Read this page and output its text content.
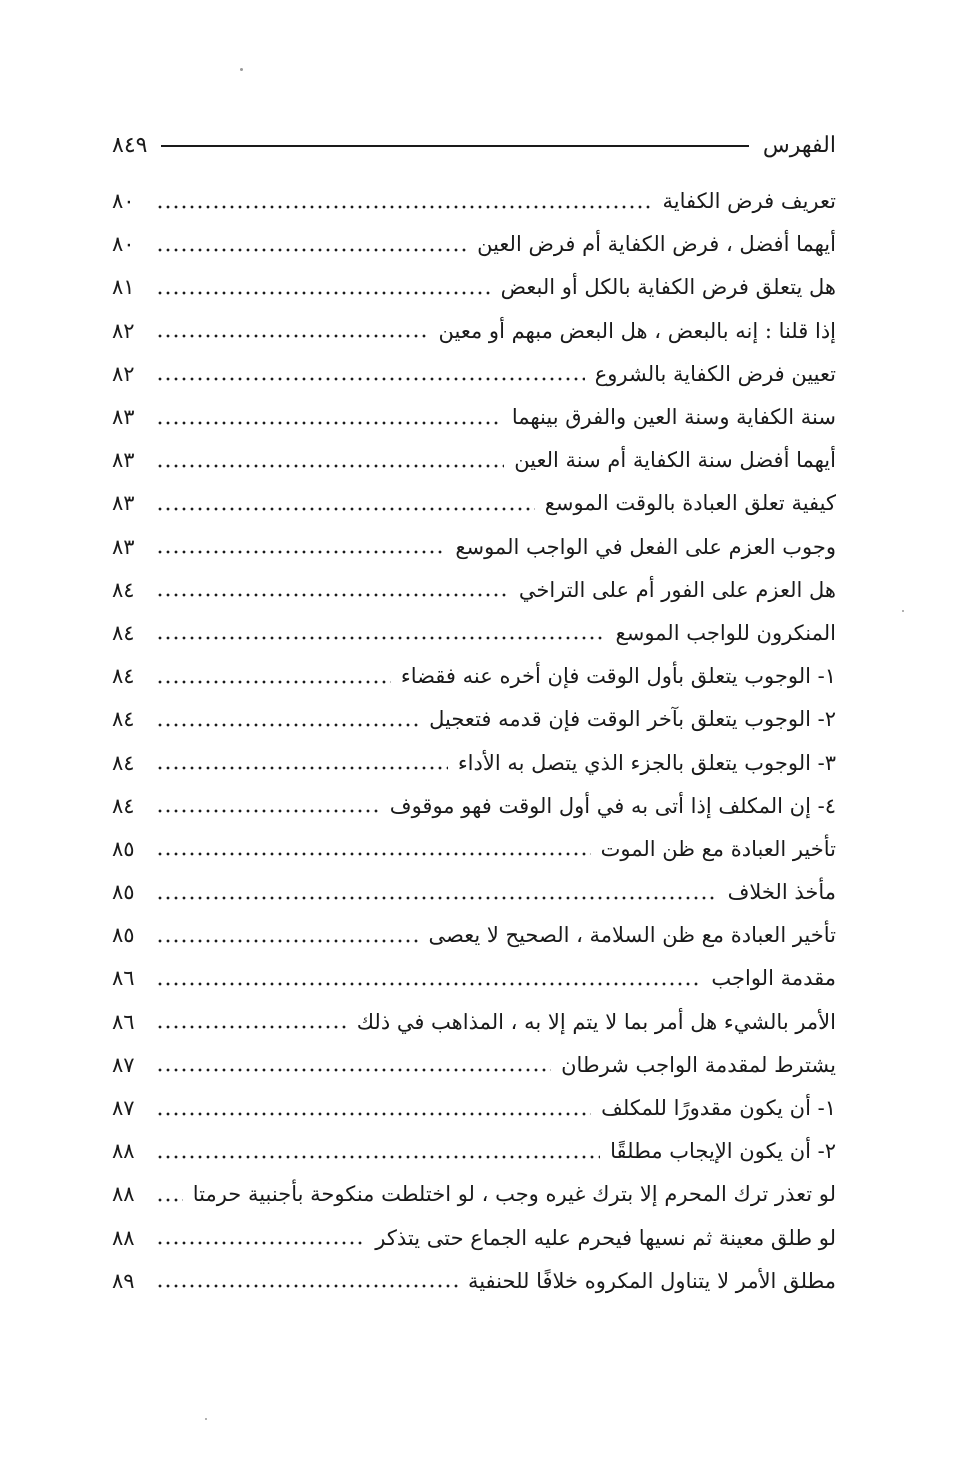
الفهرس
٨٤٩
تعريف فرض الكفاية
٨٠
أيهما أفضل ، فرض الكفاية أم فرض العين
٨٠
هل يتعلق فرض الكفاية بالكل أو البعض
٨١
إذا قلنا : إنه بالبعض ، هل البعض مبهم أو معين
٨٢
تعيين فرض الكفاية بالشروع
٨٢
سنة الكفاية وسنة العين والفرق بينهما
٨٣
أيهما أفضل سنة الكفاية أم سنة العين
٨٣
كيفية تعلق العبادة بالوقت الموسع
٨٣
وجوب العزم على الفعل في الواجب الموسع
٨٣
هل العزم على الفور أم على التراخي
٨٤
المنكرون للواجب الموسع
٨٤
١- الوجوب يتعلق بأول الوقت فإن أخره عنه فقضاء
٨٤
٢- الوجوب يتعلق بآخر الوقت فإن قدمه فتعجيل
٨٤
٣- الوجوب يتعلق بالجزء الذي يتصل به الأداء
٨٤
٤- إن المكلف إذا أتى به في أول الوقت فهو موقوف
٨٤
تأخير العبادة مع ظن الموت
٨٥
مأخذ الخلاف
٨٥
تأخير العبادة مع ظن السلامة ، الصحيح لا يعصى
٨٥
مقدمة الواجب
٨٦
الأمر بالشيء هل أمر بما لا يتم إلا به ، المذاهب في ذلك
٨٦
يشترط لمقدمة الواجب شرطان
٨٧
١- أن يكون مقدورًا للمكلف
٨٧
٢- أن يكون الإيجاب مطلقًا
٨٨
لو تعذر ترك المحرم إلا بترك غيره وجب ، لو اختلطت منكوحة بأجنبية حرمتا
٨٨
لو طلق معينة ثم نسيها فيحرم عليه الجماع حتى يتذكر
٨٨
مطلق الأمر لا يتناول المكروه خلافًا للحنفية
٨٩
